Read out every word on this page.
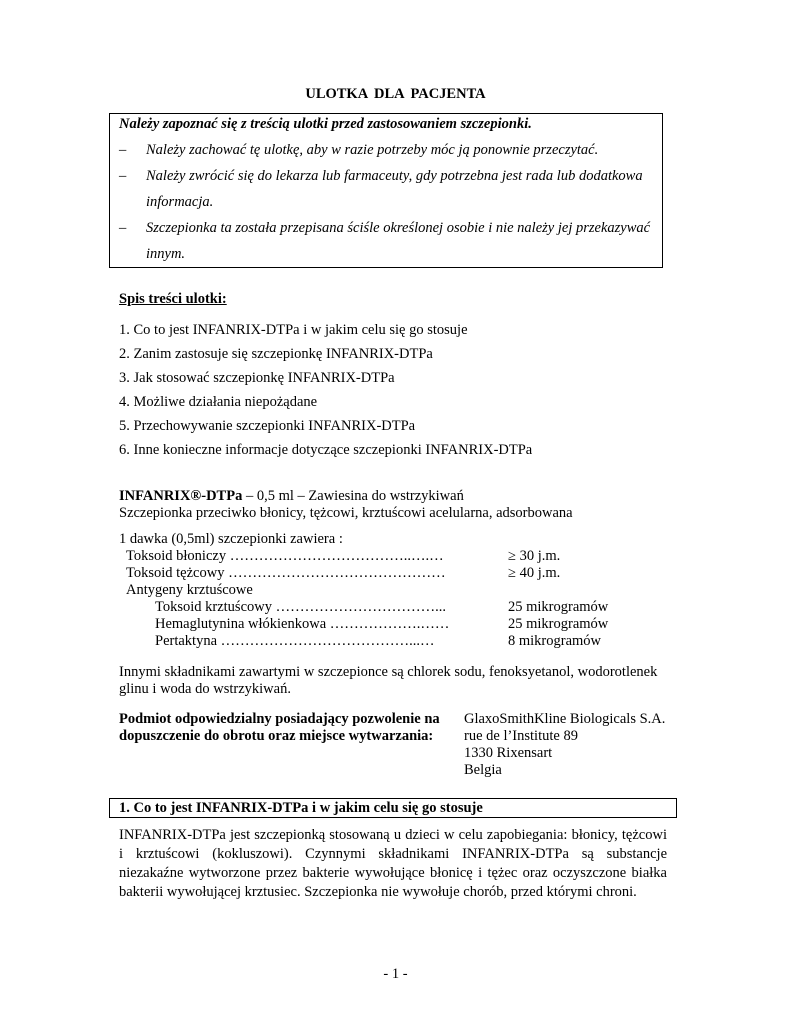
ULOTKA DLA PACJENTA
Należy zapoznać się z treścią ulotki przed zastosowaniem szczepionki.
– Należy zachować tę ulotkę, aby w razie potrzeby móc ją ponownie przeczytać.
– Należy zwrócić się do lekarza lub farmaceuty, gdy potrzebna jest rada lub dodatkowa
informacja.
– Szczepionka ta została przepisana ściśle określonej osobie i nie należy jej przekazywać
innym.
Spis treści ulotki:
1. Co to jest INFANRIX-DTPa i w jakim celu się go stosuje
2. Zanim zastosuje się szczepionkę INFANRIX-DTPa
3. Jak stosować szczepionkę INFANRIX-DTPa
4. Możliwe działania niepożądane
5. Przechowywanie szczepionki INFANRIX-DTPa
6. Inne konieczne informacje dotyczące szczepionki INFANRIX-DTPa
INFANRIX®-DTPa – 0,5 ml – Zawiesina do wstrzykiwań
Szczepionka przeciwko błonicy, tężcowi, krztuścowi acelularna, adsorbowana
1 dawka (0,5ml) szczepionki zawiera :
Toksoid błoniczy ………………………………..….…	≥ 30 j.m.
Toksoid tężcowy ………………………………………	≥ 40 j.m.
Antygeny krztuścowe
Toksoid krztuścowy ……………………………...	25 mikrogramów
Hemaglutynina włókienkowa ……………….……	25 mikrogramów
Pertaktyna …………………………………...…	8 mikrogramów
Innymi składnikami zawartymi w szczepionce są chlorek sodu, fenoksyetanol, wodorotlenek
glinu i woda do wstrzykiwań.
Podmiot odpowiedzialny posiadający pozwolenie na
dopuszczenie do obrotu oraz miejsce wytwarzania:
GlaxoSmithKline Biologicals S.A.
rue de l’Institute 89
1330 Rixensart
Belgia
1. Co to jest INFANRIX-DTPa i w jakim celu się go stosuje
INFANRIX-DTPa jest szczepionką stosowaną u dzieci w celu zapobiegania: błonicy, tężcowi i krztuścowi (kokluszowi). Czynnymi składnikami INFANRIX-DTPa są substancje niezakaźne wytworzone przez bakterie wywołujące błonicę i tężec oraz oczyszczone białka bakterii wywołującej krztusiec. Szczepionka nie wywołuje chorób, przed którymi chroni.
- 1 -
